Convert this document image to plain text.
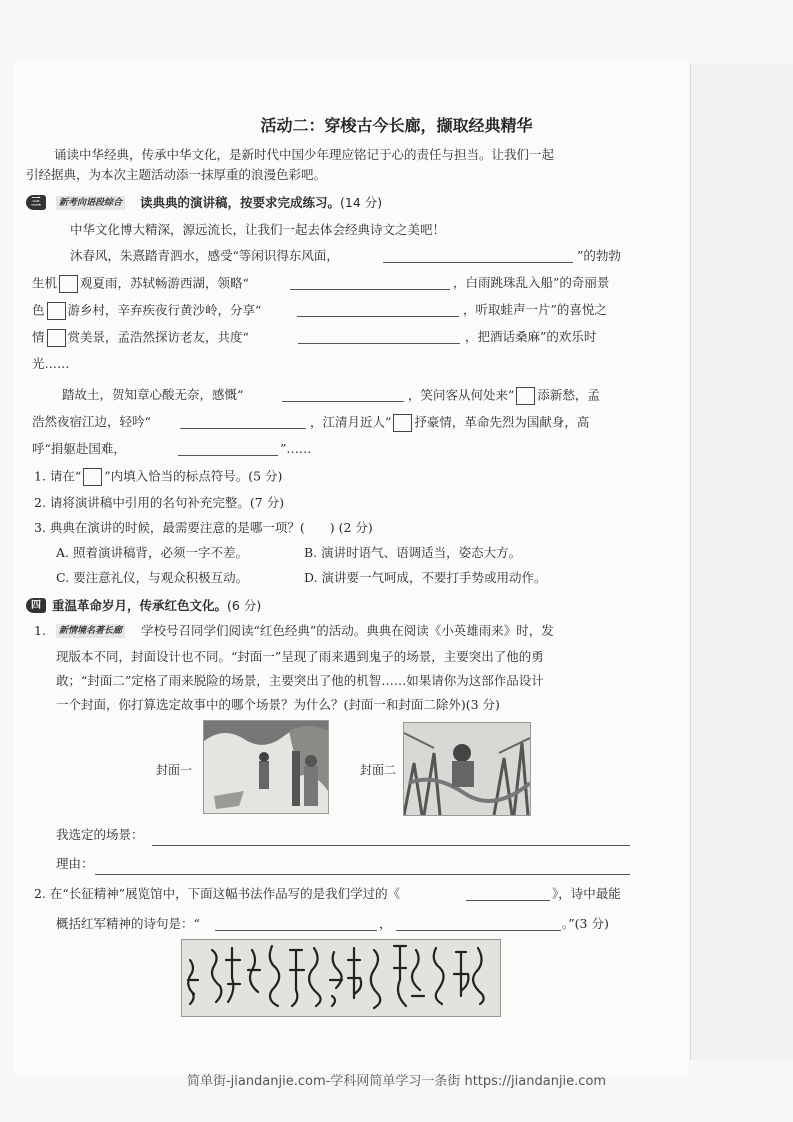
活动二：穿梭古今长廊，撷取经典精华
诵读中华经典，传承中华文化，是新时代中国少年理应铭记于心的责任与担当。让我们一起
引经据典，为本次主题活动添一抹厚重的浪漫色彩吧。
三	新考向语段综合 读典典的演讲稿，按要求完成练习。(14 分)
中华文化博大精深，源远流长，让我们一起去体会经典诗文之美吧！
沐春风，朱熹踏青泗水，感受“等闲识得东风面，	”的勃勃
生机 观夏雨，苏轼畅游西湖，领略“	，白雨跳珠乱入船”的奇丽景
色 游乡村，辛弃疾夜行黄沙岭，分享“	，听取蛙声一片”的喜悦之
情 赏美景，孟浩然探访老友，共度“	，把酒话桑麻”的欢乐时
光……
踏故土，贺知章心酸无奈，感慨“	，笑问客从何处来” 添新愁，孟
浩然夜宿江边，轻吟“	，江清月近人” 抒豪情，革命先烈为国献身，高
呼“捐躯赴国难，	”……
1. 请在“ ”内填入恰当的标点符号。(5 分)
2. 请将演讲稿中引用的名句补充完整。(7 分)
3. 典典在演讲的时候，最需要注意的是哪一项？(　　) (2 分)
A. 照着演讲稿背，必须一字不差。	B. 演讲时语气、语调适当，姿态大方。
C. 要注意礼仪，与观众积极互动。	D. 演讲要一气呵成，不要打手势或用动作。
四 重温革命岁月，传承红色文化。(6 分)
1.	新情境名著长廊 学校号召同学们阅读“红色经典”的活动。典典在阅读《小英雄雨来》时，发
现版本不同，封面设计也不同。“封面一”呈现了雨来遇到鬼子的场景，主要突出了他的勇
敢；“封面二”定格了雨来脱险的场景，主要突出了他的机智……如果请你为这部作品设计
一个封面，你打算选定故事中的哪个场景？为什么？(封面一和封面二除外)(3 分)
封面一	封面二
我选定的场景：
理由：
2. 在“长征精神”展览馆中，下面这幅书法作品写的是我们学过的《	》，诗中最能
概括红军精神的诗句是：“	，	。”(3 分)
简单街-jiandanjie.com-学科网简单学习一条街 https://jiandanjie.com
